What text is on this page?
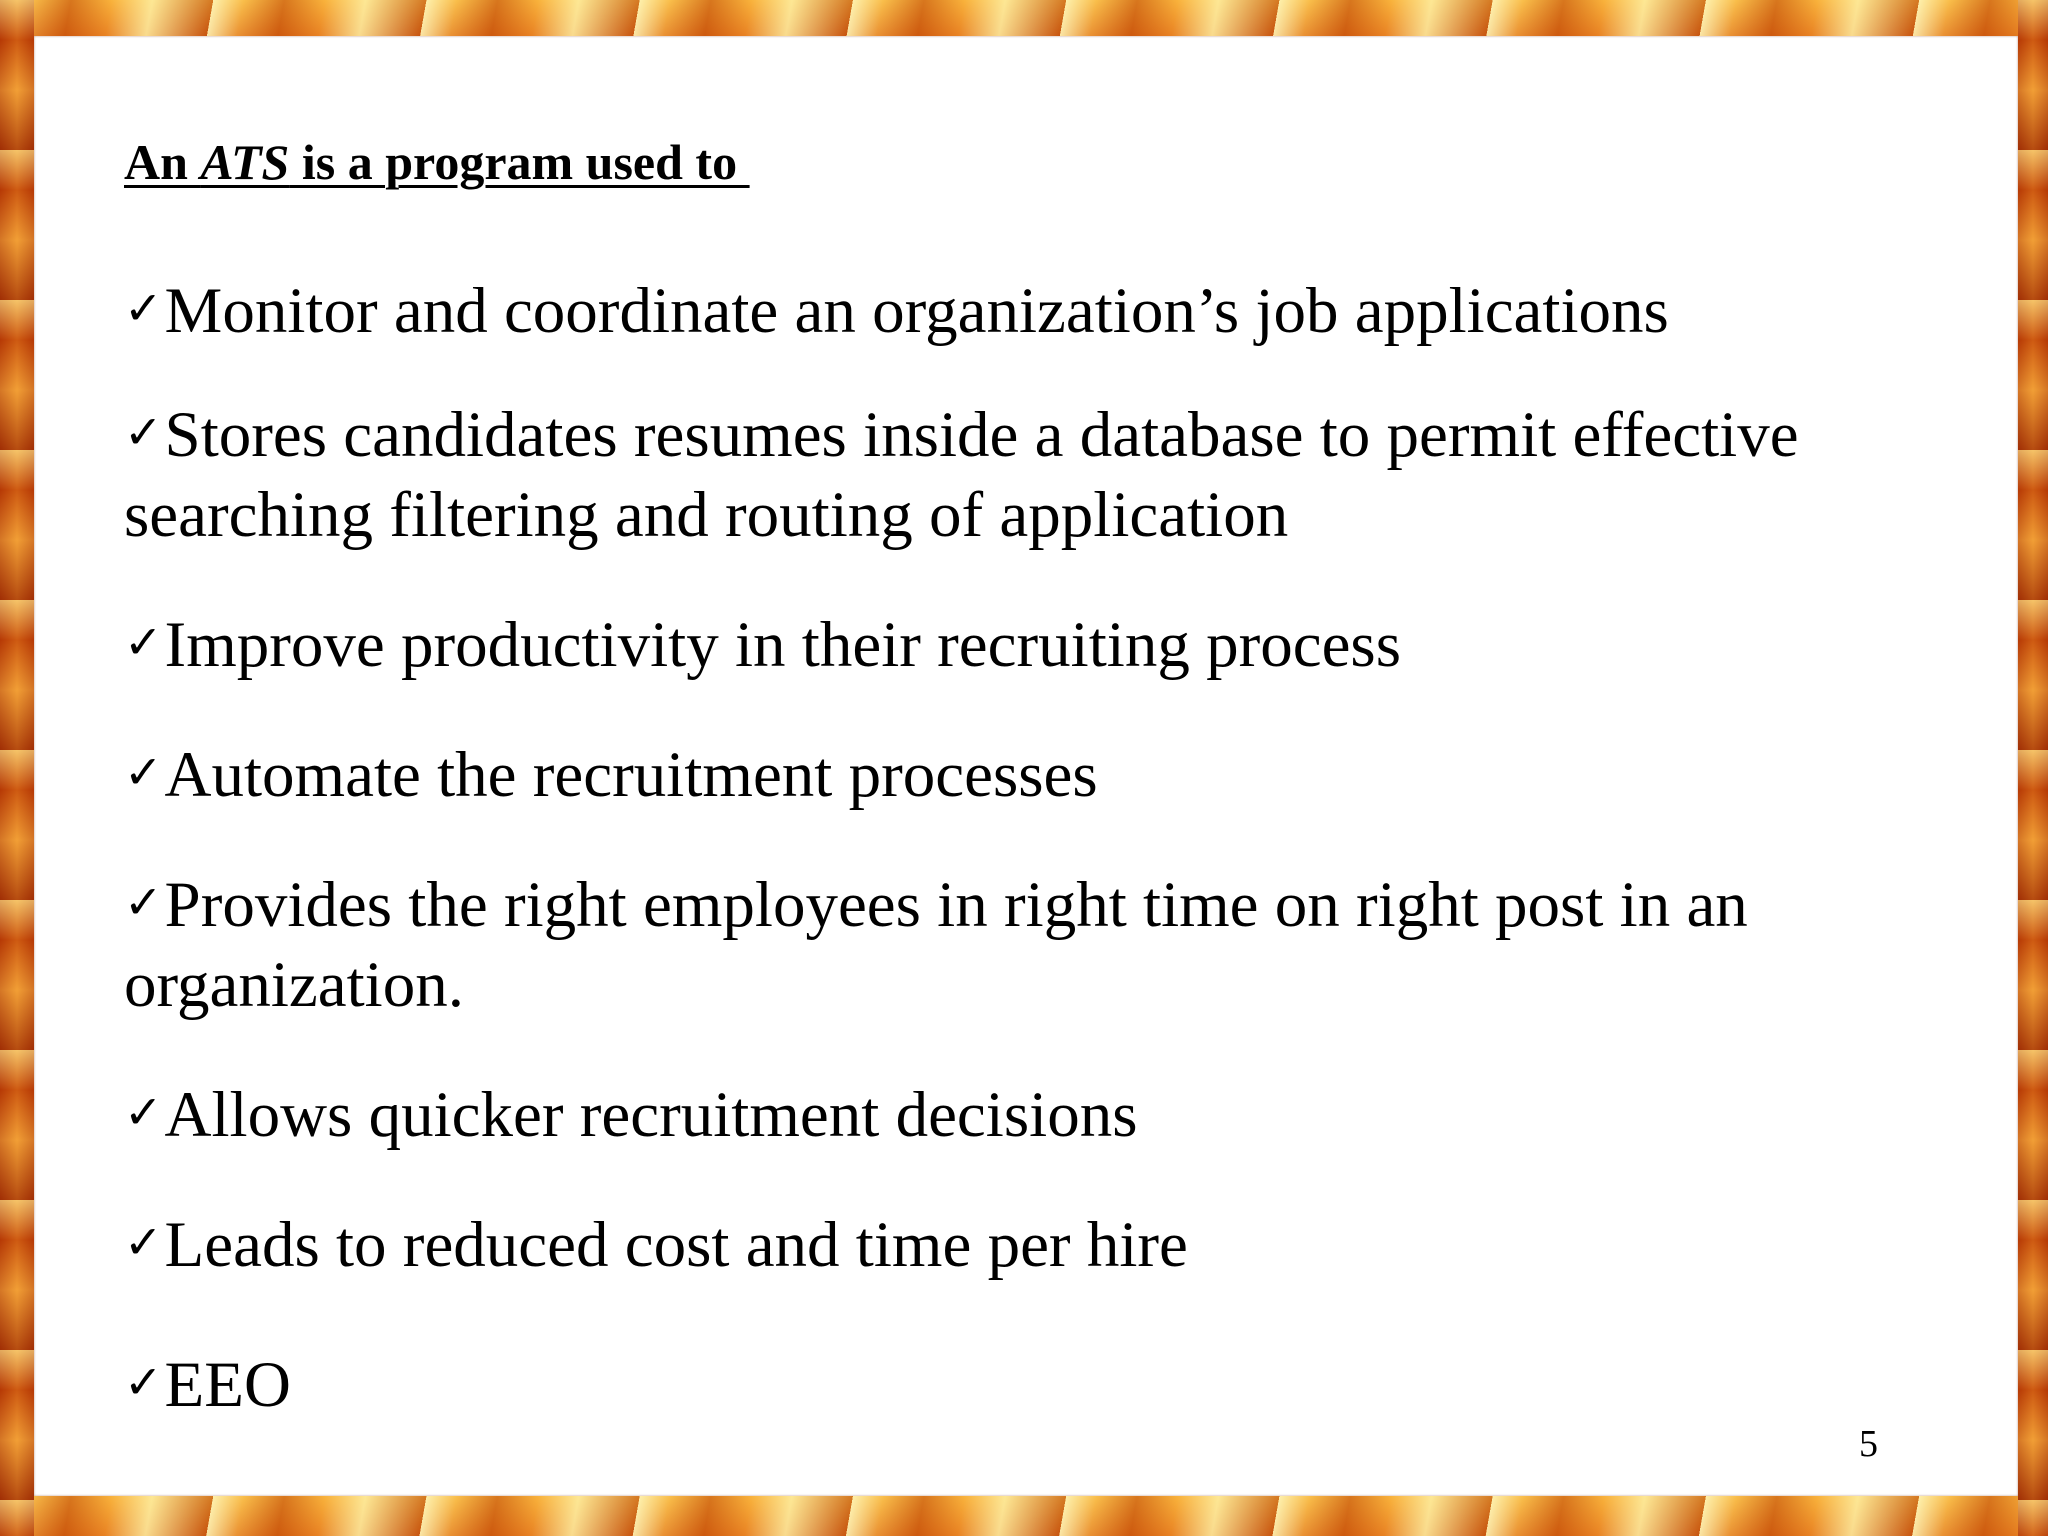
An ATS is a program used to
✓Monitor and coordinate an organization’s job applications
✓Stores candidates resumes inside a database to permit effective searching filtering and routing of application
✓Improve productivity in their recruiting process
✓Automate the recruitment processes
✓Provides the right employees in right time on right post in an organization.
✓Allows quicker recruitment decisions
✓Leads to reduced cost and time per hire
✓EEO
5
